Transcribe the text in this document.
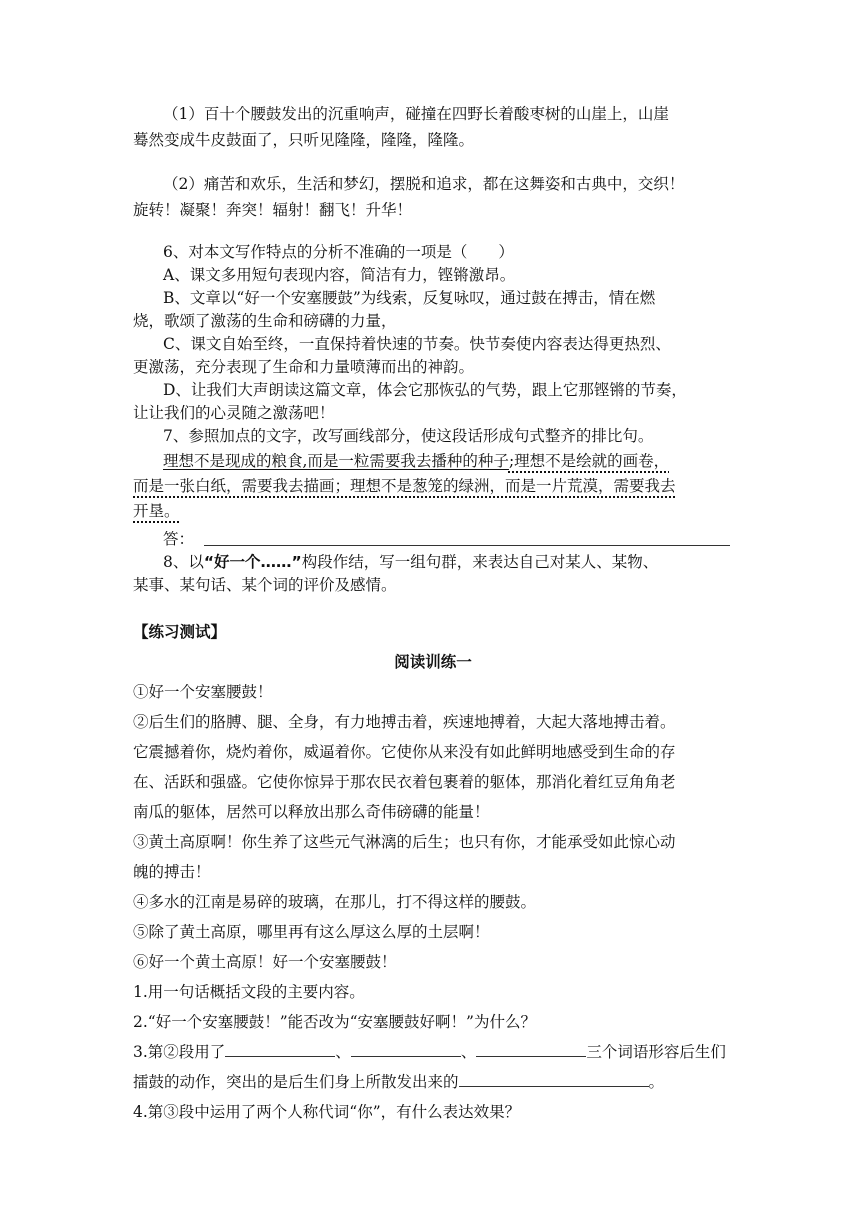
（1）百十个腰鼓发出的沉重响声，碰撞在四野长着酸枣树的山崖上，山崖
蓦然变成牛皮鼓面了，只听见隆隆，隆隆，隆隆。
（2）痛苦和欢乐，生活和梦幻，摆脱和追求，都在这舞姿和古典中，交织！
旋转！凝聚！奔突！辐射！翻飞！升华！
6、对本文写作特点的分析不准确的一项是（　　）
A、课文多用短句表现内容，简洁有力，铿锵激昂。
B、文章以“好一个安塞腰鼓”为线索，反复咏叹，通过鼓在搏击，情在燃
烧，歌颂了激荡的生命和磅礴的力量，
C、课文自始至终，一直保持着快速的节奏。快节奏使内容表达得更热烈、
更激荡，充分表现了生命和力量喷薄而出的神韵。
D、让我们大声朗读这篇文章，体会它那恢弘的气势，跟上它那铿锵的节奏，
让让我们的心灵随之激荡吧！
7、参照加点的文字，改写画线部分，使这段话形成句式整齐的排比句。
理想不是现成的粮食,而是一粒需要我去播种的种子;理想不是绘就的画卷，
而是一张白纸，需要我去描画；理想不是葱笼的绿洲，而是一片荒漠，需要我去
开垦。
答：
8、以“好一个……”构段作结，写一组句群，来表达自己对某人、某物、
某事、某句话、某个词的评价及感情。
【练习测试】
阅读训练一
①好一个安塞腰鼓！
②后生们的胳膊、腿、全身，有力地搏击着，疾速地搏着，大起大落地搏击着。
它震撼着你，烧灼着你，威逼着你。它使你从来没有如此鲜明地感受到生命的存
在、活跃和强盛。它使你惊异于那农民衣着包裹着的躯体，那消化着红豆角角老
南瓜的躯体，居然可以释放出那么奇伟磅礴的能量！
③黄土高原啊！你生养了这些元气淋漓的后生；也只有你，才能承受如此惊心动
魄的搏击！
④多水的江南是易碎的玻璃，在那儿，打不得这样的腰鼓。
⑤除了黄土高原，哪里再有这么厚这么厚的土层啊！
⑥好一个黄土高原！好一个安塞腰鼓！
1.用一句话概括文段的主要内容。
2.“好一个安塞腰鼓！”能否改为“安塞腰鼓好啊！”为什么？
3.第②段用了	、	、	三个词语形容后生们
擂鼓的动作，突出的是后生们身上所散发出来的	。
4.第③段中运用了两个人称代词“你”，有什么表达效果？
